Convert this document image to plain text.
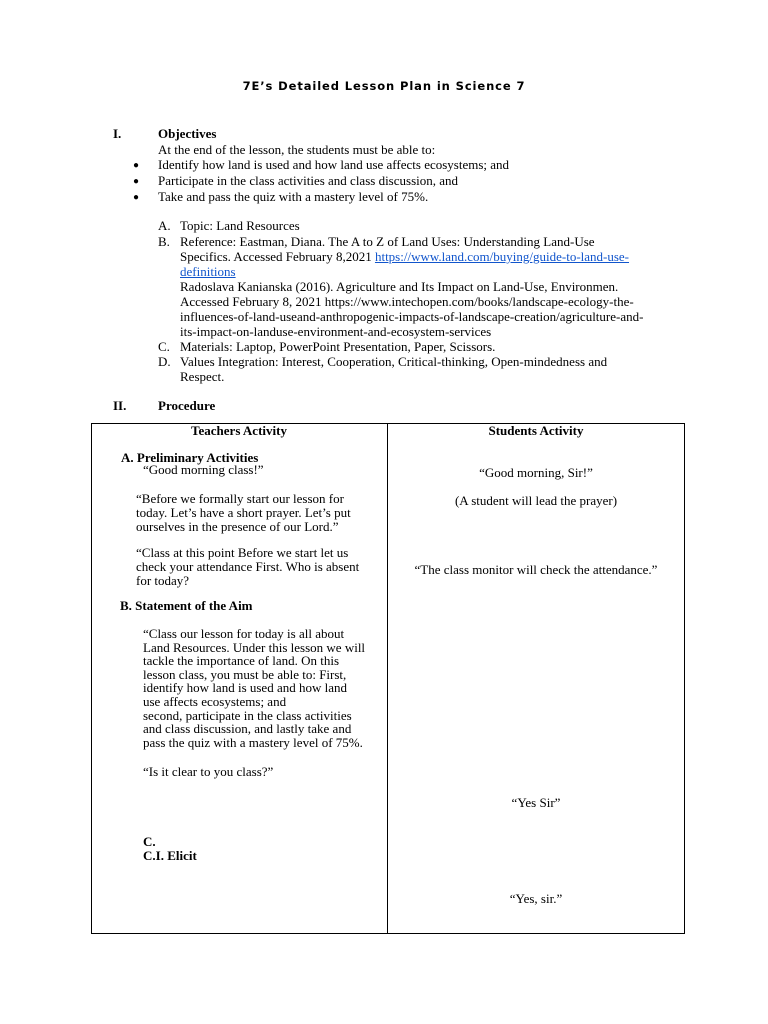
7E’s Detailed Lesson Plan in Science 7
I.	Objectives
At the end of the lesson, the students must be able to:
● Identify how land is used and how land use affects ecosystems; and
● Participate in the class activities and class discussion, and
● Take and pass the quiz with a mastery level of 75%.
A. Topic: Land Resources
B. Reference: Eastman, Diana. The A to Z of Land Uses: Understanding Land-Use
Specifics. Accessed February 8,2021 https://www.land.com/buying/guide-to-land-use-
definitions
Radoslava Kanianska (2016). Agriculture and Its Impact on Land-Use, Environmen.
Accessed February 8, 2021 https://www.intechopen.com/books/landscape-ecology-the-
influences-of-land-useand-anthropogenic-impacts-of-landscape-creation/agriculture-and-
its-impact-on-landuse-environment-and-ecosystem-services
C. Materials: Laptop, PowerPoint Presentation, Paper, Scissors.
D. Values Integration: Interest, Cooperation, Critical-thinking, Open-mindedness and
Respect.
II. Procedure
Teachers Activity	Students Activity
A. Preliminary Activities
“Good morning class!”
“Before we formally start our lesson for
today. Let’s have a short prayer. Let’s put
ourselves in the presence of our Lord.”
“Class at this point Before we start let us
check your attendance First. Who is absent
for today?
B. Statement of the Aim
“Class our lesson for today is all about
Land Resources. Under this lesson we will
tackle the importance of land. On this
lesson class, you must be able to: First,
identify how land is used and how land
use affects ecosystems; and
second, participate in the class activities
and class discussion, and lastly take and
pass the quiz with a mastery level of 75%.
“Is it clear to you class?”
C.
C.I. Elicit
“Good morning, Sir!”
(A student will lead the prayer)
“The class monitor will check the attendance.”
“Yes Sir”
“Yes, sir.”
